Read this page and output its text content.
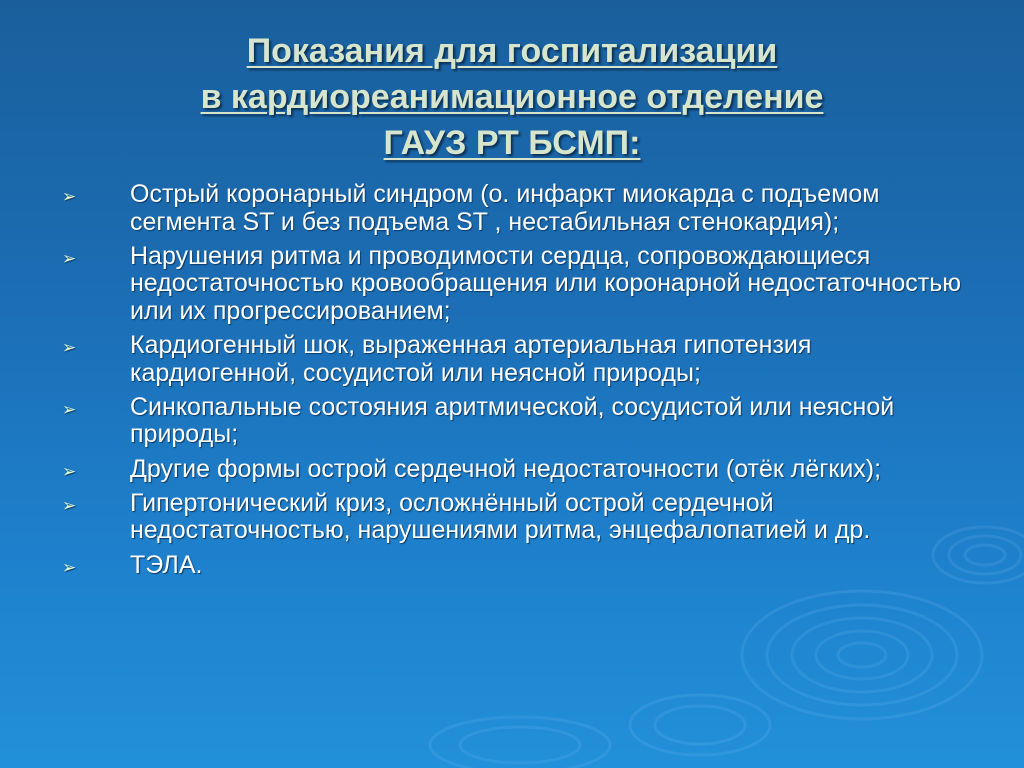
Показания для госпитализации
в кардиореанимационное отделение
ГАУЗ РТ БСМП:
➢ Острый коронарный синдром (о. инфаркт миокарда с подъемом сегмента ST и без подъема ST , нестабильная стенокардия);
➢ Нарушения ритма и проводимости сердца, сопровождающиеся недостаточностью кровообращения или коронарной недостаточностью или их прогрессированием;
➢ Кардиогенный шок, выраженная артериальная гипотензия кардиогенной, сосудистой или неясной природы;
➢ Синкопальные состояния аритмической, сосудистой или неясной природы;
➢ Другие формы острой сердечной недостаточности (отёк лёгких);
➢ Гипертонический криз, осложнённый острой сердечной недостаточностью, нарушениями ритма, энцефалопатией и др.
➢ ТЭЛА.
